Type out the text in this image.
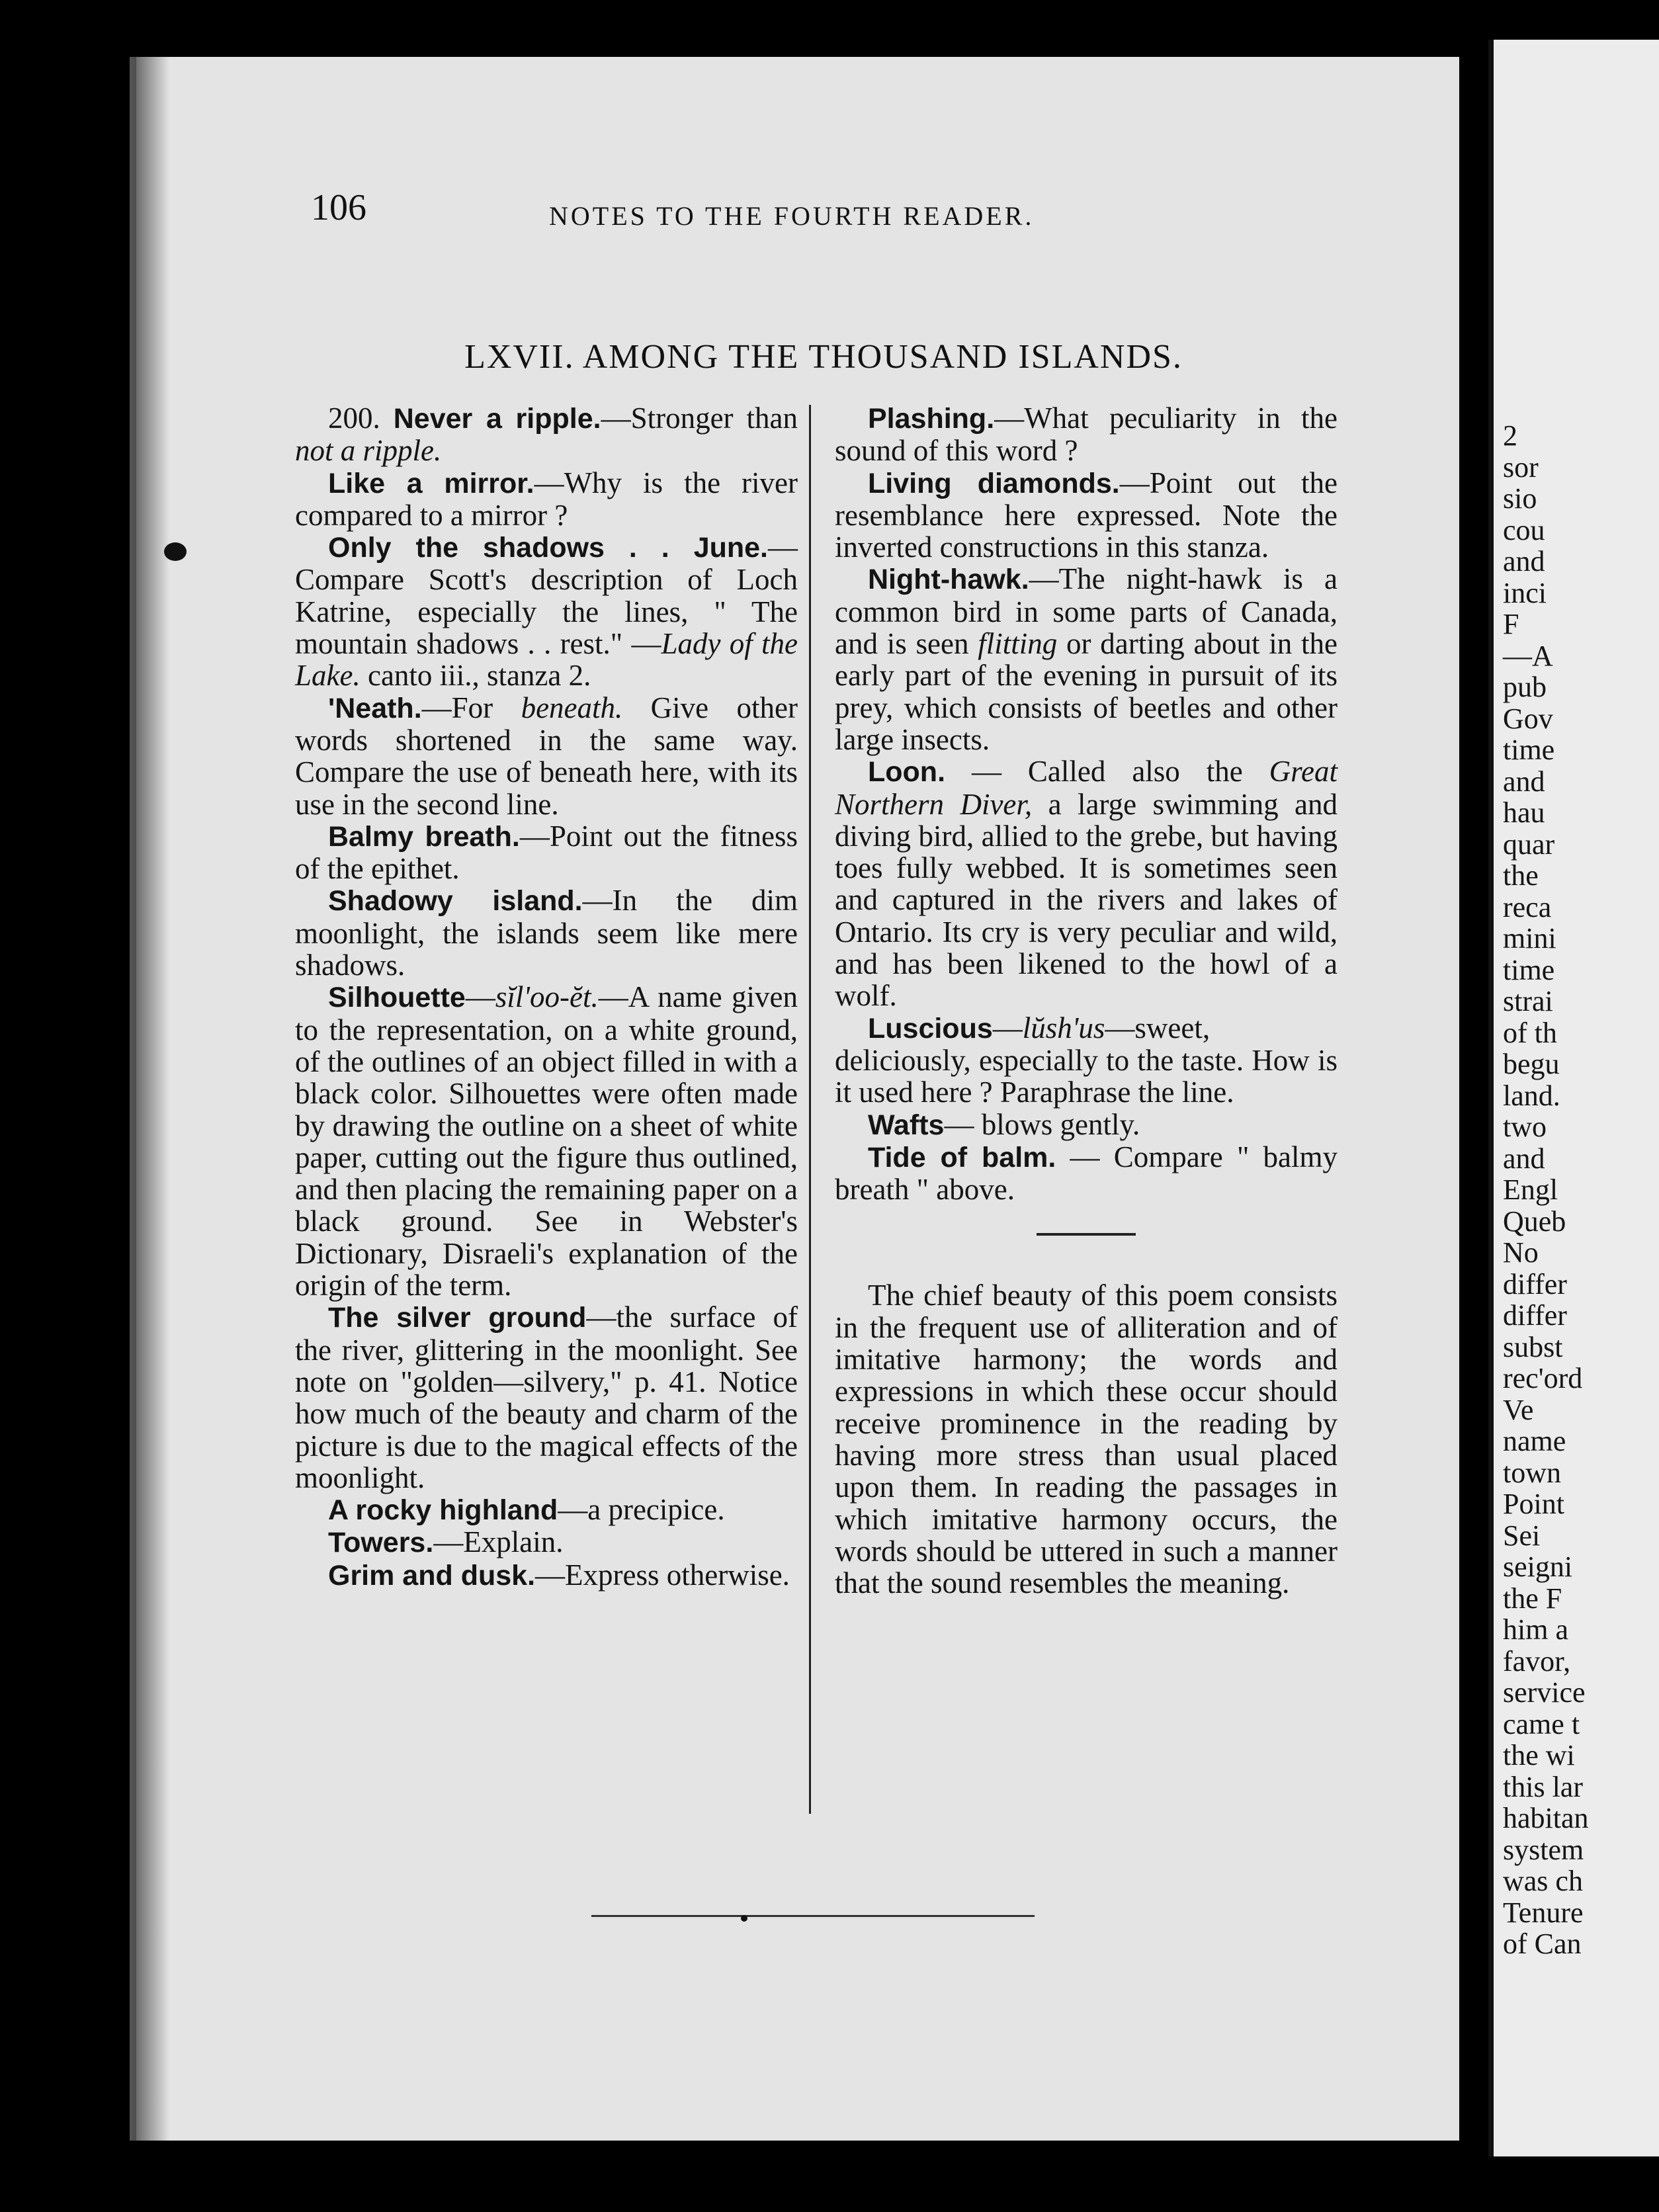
2
sor
sio
cou
and
inci
F
—A
pub
Gov
time
and
hau
quar
the
reca
mini
time
strai
of th
begu
land.
two
and
Engl
Queb
No
differ
differ
subst
rec'ord
Ve
name
town
Point
Sei
seigni
the F
him a
favor,
service
came t
the wi
this lar
habitan
system
was ch
Tenure
of Can
106	NOTES TO THE FOURTH READER.
LXVII. AMONG THE THOUSAND ISLANDS.

200. Never a ripple.—Stronger than not a ripple.

Like a mirror.—Why is the river compared to a mirror ?

Only the shadows . . June.—Compare Scott's description of Loch Katrine, especially the lines, " The mountain shadows . . rest." —Lady of the Lake. canto iii., stanza 2.

'Neath.—For beneath. Give other words shortened in the same way. Compare the use of beneath here, with its use in the second line.

Balmy breath.—Point out the fitness of the epithet.

Shadowy island.—In the dim moonlight, the islands seem like mere shadows.

Silhouette—sĭl'oo-ĕt.—A name given to the representation, on a white ground, of the outlines of an object filled in with a black color. Silhouettes were often made by drawing the outline on a sheet of white paper, cutting out the figure thus outlined, and then placing the remaining paper on a black ground. See in Webster's Dictionary, Disraeli's explanation of the origin of the term.

The silver ground—the surface of the river, glittering in the moonlight. See note on "golden—silvery," p. 41. Notice how much of the beauty and charm of the picture is due to the magical effects of the moonlight.

A rocky highland—a precipice.

Towers.—Explain.

Grim and dusk.—Express otherwise.

Plashing.—What peculiarity in the sound of this word ?

Living diamonds.—Point out the resemblance here expressed. Note the inverted constructions in this stanza.

Night-hawk.—The night-hawk is a common bird in some parts of Canada, and is seen flitting or darting about in the early part of the evening in pursuit of its prey, which consists of beetles and other large insects.

Loon. — Called also the Great Northern Diver, a large swimming and diving bird, allied to the grebe, but having toes fully webbed. It is sometimes seen and captured in the rivers and lakes of Ontario. Its cry is very peculiar and wild, and has been likened to the howl of a wolf.

Luscious—lŭsh'us—sweet, deliciously, especially to the taste. How is it used here ? Paraphrase the line.

Wafts— blows gently.

Tide of balm. — Compare " balmy breath " above.

The chief beauty of this poem consists in the frequent use of alliteration and of imitative harmony; the words and expressions in which these occur should receive prominence in the reading by having more stress than usual placed upon them. In reading the passages in which imitative harmony occurs, the words should be uttered in such a manner that the sound resembles the meaning.
